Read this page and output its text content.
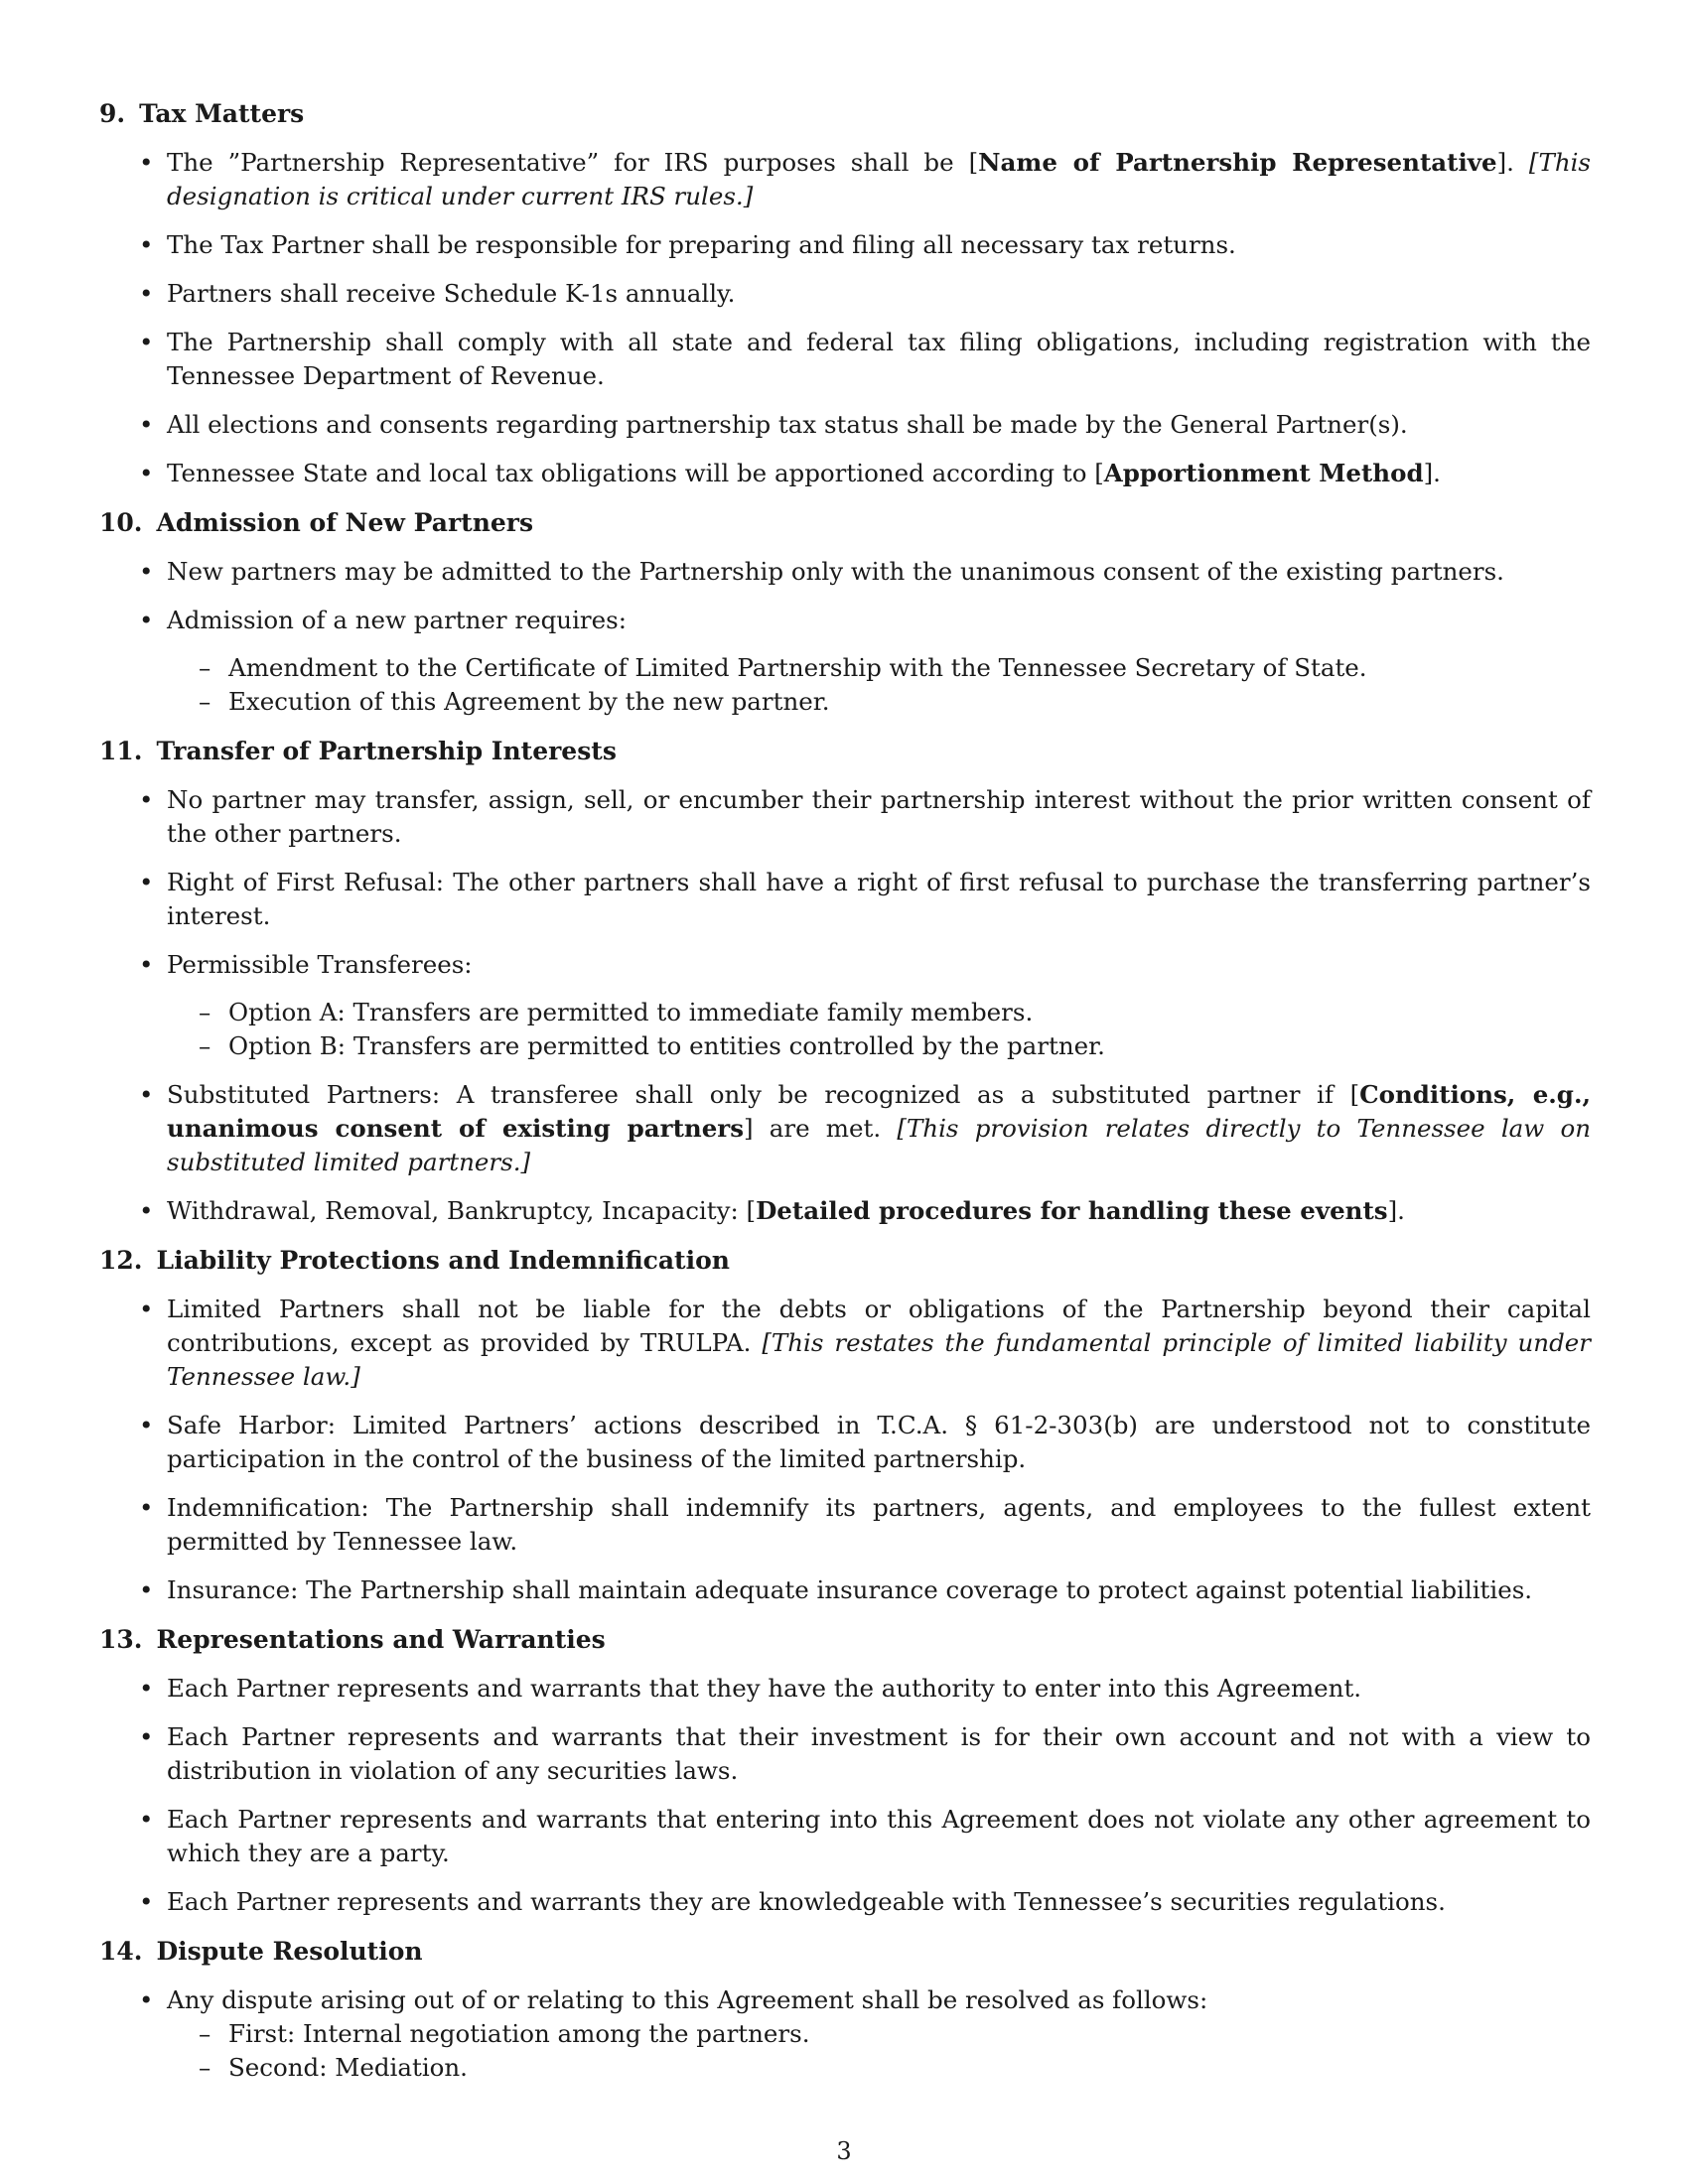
9. Tax Matters
• The ”Partnership Representative” for IRS purposes shall be [Name of Partnership Representative]. [This designation is critical under current IRS rules.]
• The Tax Partner shall be responsible for preparing and filing all necessary tax returns.
• Partners shall receive Schedule K-1s annually.
• The Partnership shall comply with all state and federal tax filing obligations, including registration with the Tennessee Department of Revenue.
• All elections and consents regarding partnership tax status shall be made by the General Partner(s).
• Tennessee State and local tax obligations will be apportioned according to [Apportionment Method].
10. Admission of New Partners
• New partners may be admitted to the Partnership only with the unanimous consent of the existing partners.
• Admission of a new partner requires:
– Amendment to the Certificate of Limited Partnership with the Tennessee Secretary of State.
– Execution of this Agreement by the new partner.
11. Transfer of Partnership Interests
• No partner may transfer, assign, sell, or encumber their partnership interest without the prior written consent of the other partners.
• Right of First Refusal: The other partners shall have a right of first refusal to purchase the transferring partner’s interest.
• Permissible Transferees:
– Option A: Transfers are permitted to immediate family members.
– Option B: Transfers are permitted to entities controlled by the partner.
• Substituted Partners: A transferee shall only be recognized as a substituted partner if [Conditions, e.g., unanimous consent of existing partners] are met. [This provision relates directly to Tennessee law on substituted limited partners.]
• Withdrawal, Removal, Bankruptcy, Incapacity: [Detailed procedures for handling these events].
12. Liability Protections and Indemnification
• Limited Partners shall not be liable for the debts or obligations of the Partnership beyond their capital contributions, except as provided by TRULPA. [This restates the fundamental principle of limited liability under Tennessee law.]
• Safe Harbor: Limited Partners’ actions described in T.C.A. § 61-2-303(b) are understood not to constitute participation in the control of the business of the limited partnership.
• Indemnification: The Partnership shall indemnify its partners, agents, and employees to the fullest extent permitted by Tennessee law.
• Insurance: The Partnership shall maintain adequate insurance coverage to protect against potential liabilities.
13. Representations and Warranties
• Each Partner represents and warrants that they have the authority to enter into this Agreement.
• Each Partner represents and warrants that their investment is for their own account and not with a view to distribution in violation of any securities laws.
• Each Partner represents and warrants that entering into this Agreement does not violate any other agreement to which they are a party.
• Each Partner represents and warrants they are knowledgeable with Tennessee’s securities regulations.
14. Dispute Resolution
• Any dispute arising out of or relating to this Agreement shall be resolved as follows:
– First: Internal negotiation among the partners.
– Second: Mediation.
3
